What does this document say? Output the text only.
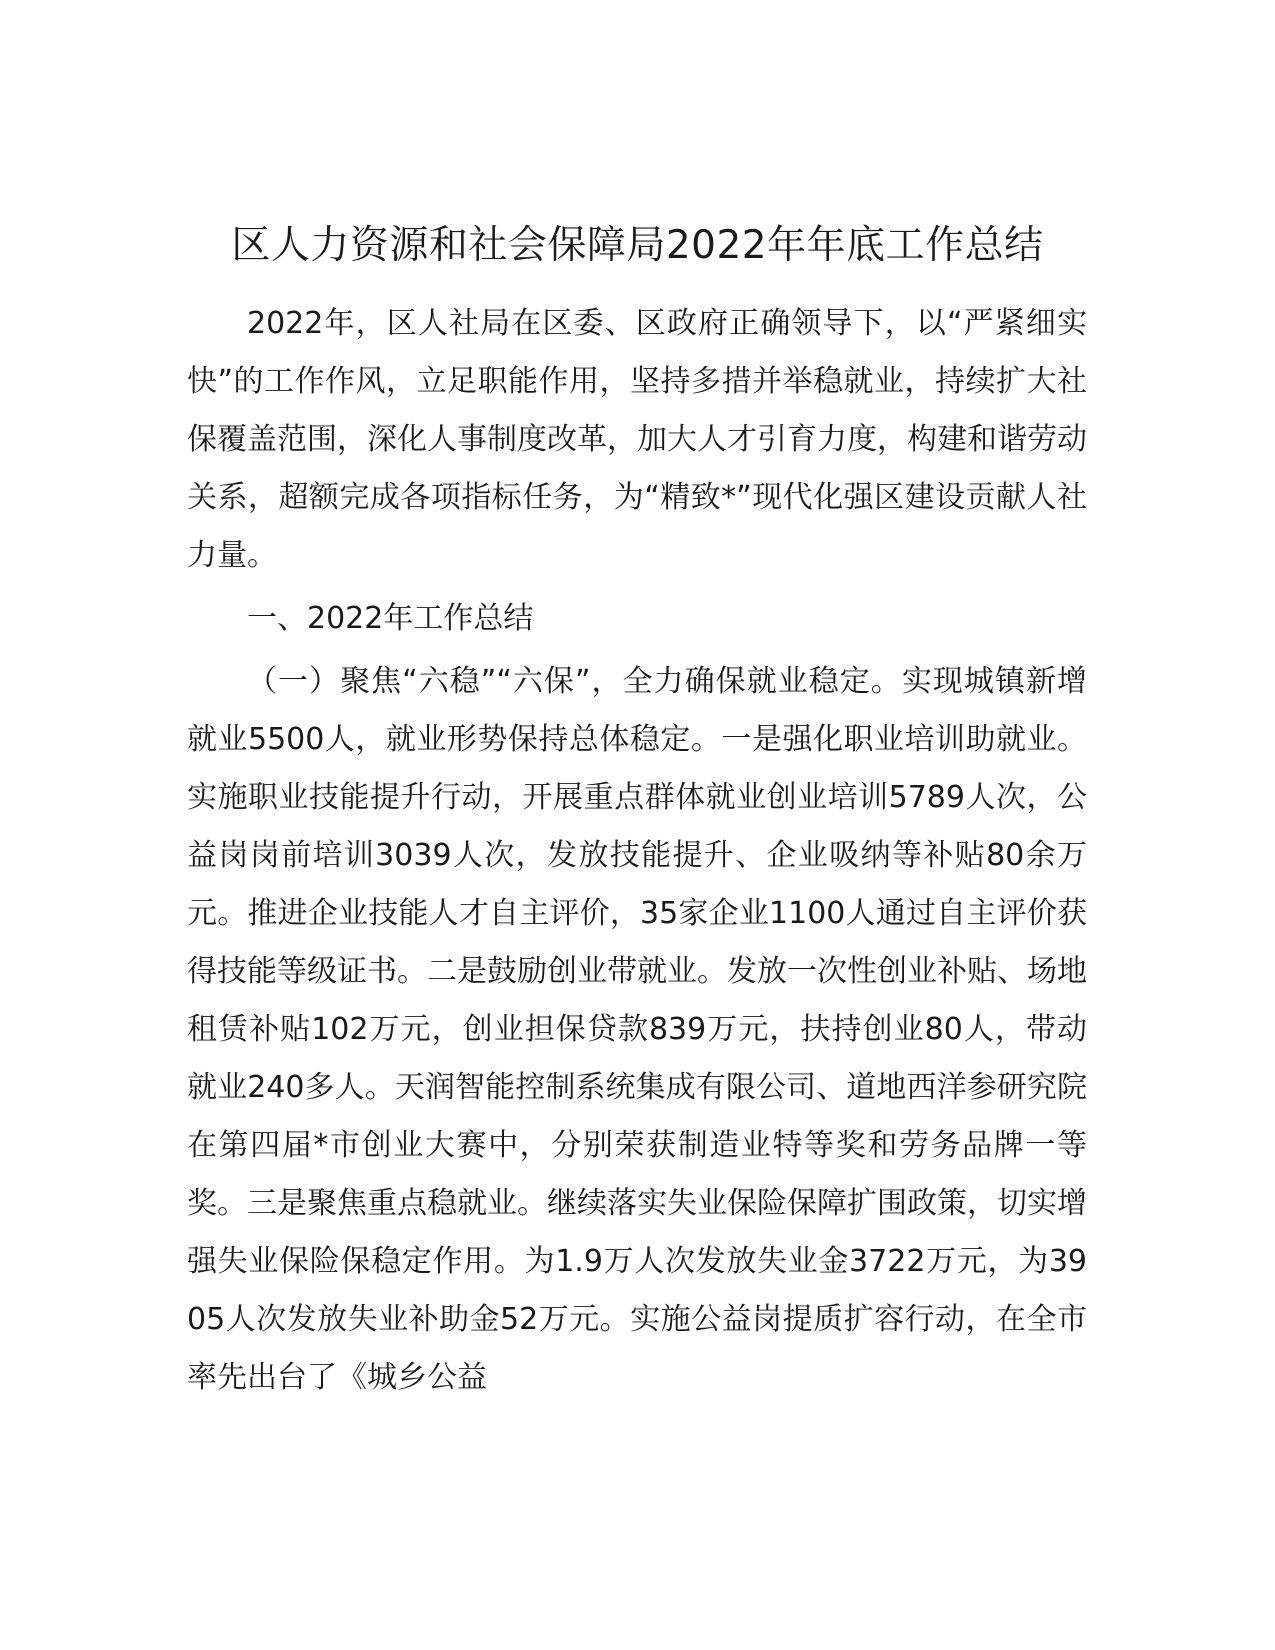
区人力资源和社会保障局2022年年底工作总结

2022年，区人社局在区委、区政府正确领导下，以“严紧细实快”的工作作风，立足职能作用，坚持多措并举稳就业，持续扩大社保覆盖范围，深化人事制度改革，加大人才引育力度，构建和谐劳动关系，超额完成各项指标任务，为“精致*”现代化强区建设贡献人社力量。

一、2022年工作总结

（一）聚焦“六稳”“六保”，全力确保就业稳定。实现城镇新增就业5500人，就业形势保持总体稳定。一是强化职业培训助就业。实施职业技能提升行动，开展重点群体就业创业培训5789人次，公益岗岗前培训3039人次，发放技能提升、企业吸纳等补贴80余万元。推进企业技能人才自主评价，35家企业1100人通过自主评价获得技能等级证书。二是鼓励创业带就业。发放一次性创业补贴、场地租赁补贴102万元，创业担保贷款839万元，扶持创业80人，带动就业240多人。天润智能控制系统集成有限公司、道地西洋参研究院在第四届*市创业大赛中，分别荣获制造业特等奖和劳务品牌一等奖。三是聚焦重点稳就业。继续落实失业保险保障扩围政策，切实增强失业保险保稳定作用。为1.9万人次发放失业金3722万元，为3905人次发放失业补助金52万元。实施公益岗提质扩容行动，在全市率先出台了《城乡公益
